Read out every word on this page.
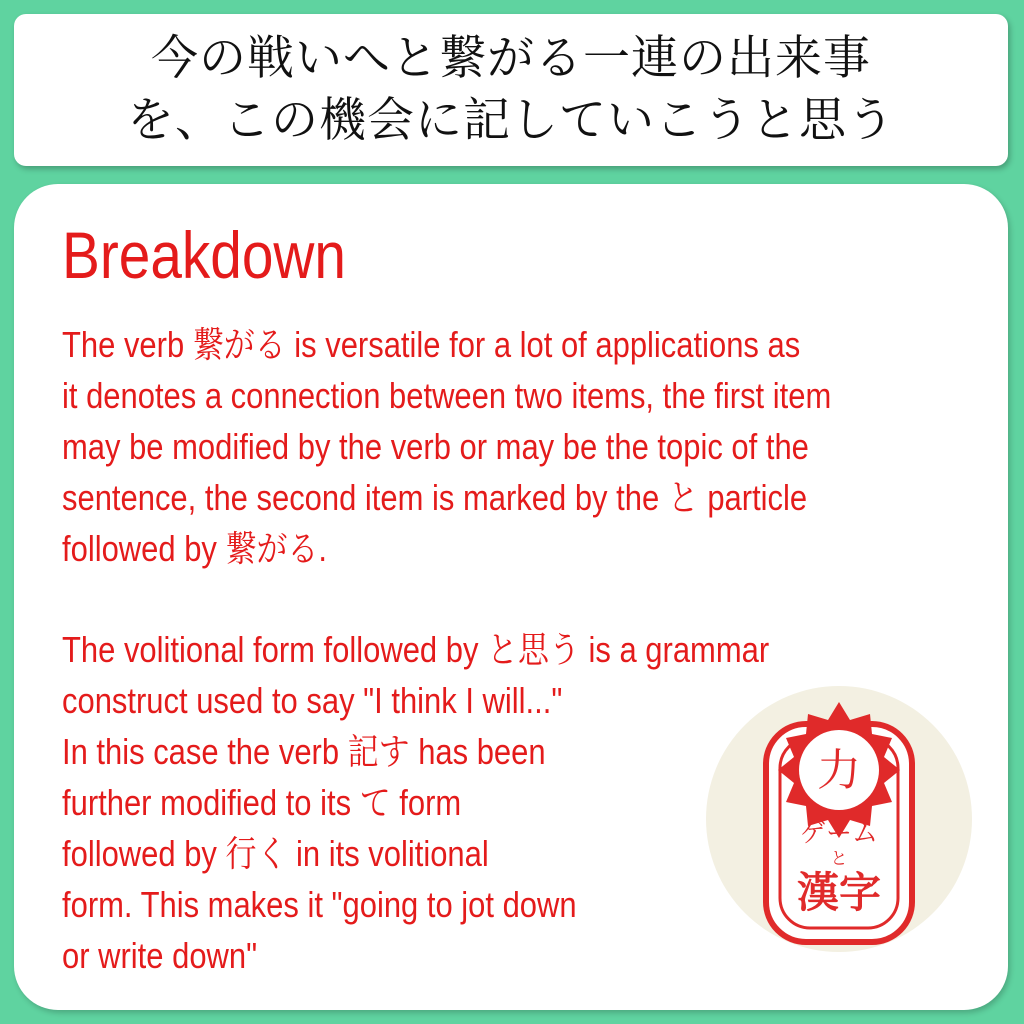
今の戦いへと繋がる一連の出来事
を、この機会に記していこうと思う
Breakdown

The verb 繋がる is versatile for a lot of applications as
it denotes a connection between two items, the first item
may be modified by the verb or may be the topic of the
sentence, the second item is marked by the と particle
followed by 繋がる.

The volitional form followed by と思う is a grammar
construct used to say "I think I will..."
In this case the verb 記す has been
further modified to its て form
followed by 行く in its volitional
form. This makes it "going to jot down
or write down"

力
ゲーム
と
漢字
